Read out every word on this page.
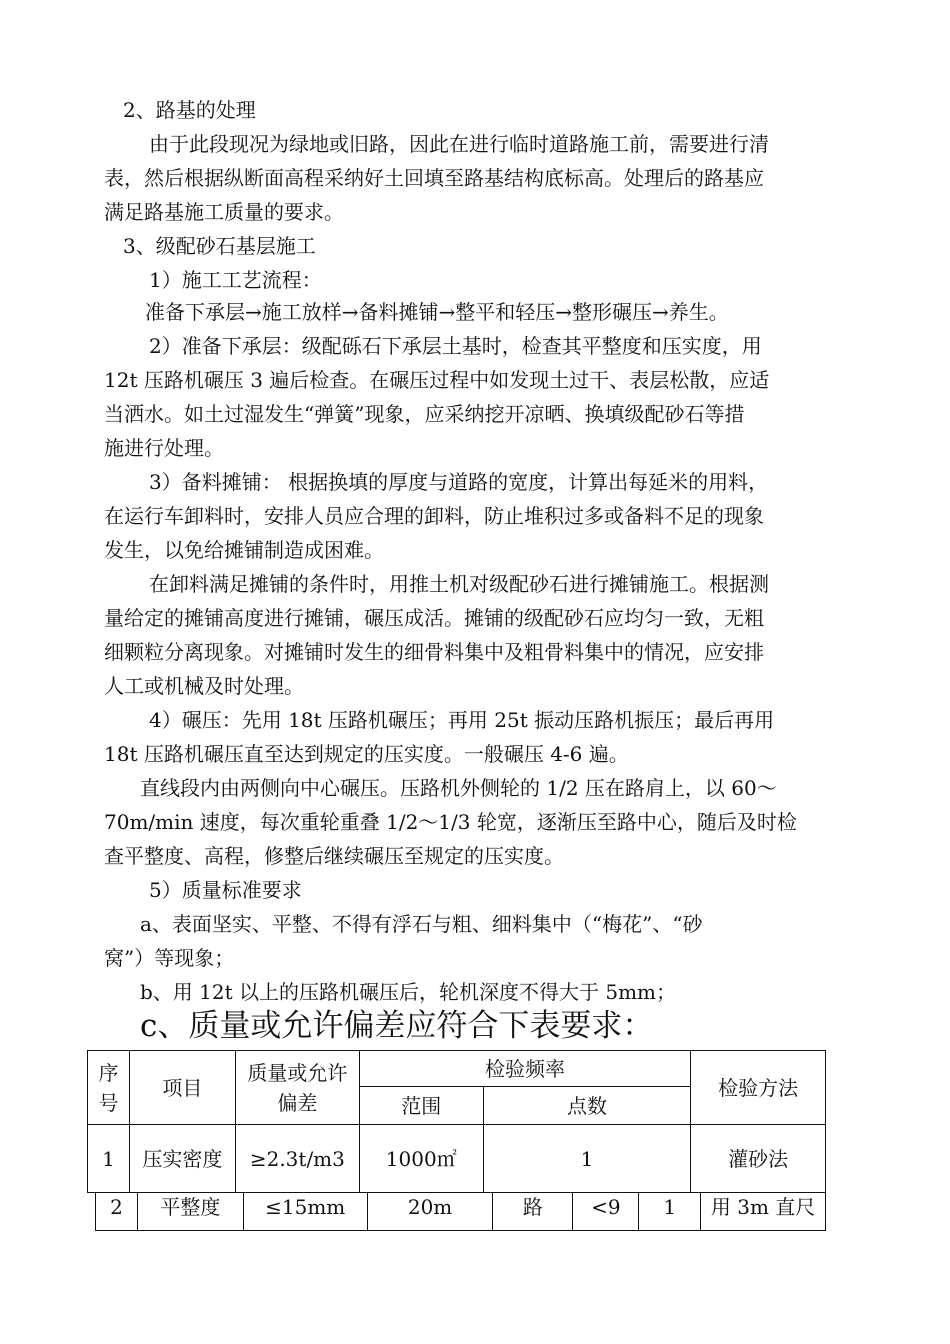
2、路基的处理
由于此段现况为绿地或旧路，因此在进行临时道路施工前，需要进行清
表，然后根据纵断面高程采纳好土回填至路基结构底标高。处理后的路基应
满足路基施工质量的要求。
3、级配砂石基层施工
1）施工工艺流程：
准备下承层→施工放样→备料摊铺→整平和轻压→整形碾压→养生。
2）准备下承层：级配砾石下承层土基时，检查其平整度和压实度，用
12t 压路机碾压 3 遍后检查。在碾压过程中如发现土过干、表层松散，应适
当洒水。如土过湿发生“弹簧”现象，应采纳挖开凉晒、换填级配砂石等措
施进行处理。
3）备料摊铺： 根据换填的厚度与道路的宽度，计算出每延米的用料，
在运行车卸料时，安排人员应合理的卸料，防止堆积过多或备料不足的现象
发生，以免给摊铺制造成困难。
在卸料满足摊铺的条件时，用推土机对级配砂石进行摊铺施工。根据测
量给定的摊铺高度进行摊铺，碾压成活。摊铺的级配砂石应均匀一致，无粗
细颗粒分离现象。对摊铺时发生的细骨料集中及粗骨料集中的情况，应安排
人工或机械及时处理。
4）碾压：先用 18t 压路机碾压；再用 25t 振动压路机振压；最后再用
18t 压路机碾压直至达到规定的压实度。一般碾压 4-6 遍。
直线段内由两侧向中心碾压。压路机外侧轮的 1/2 压在路肩上，以 60～
70m/min 速度，每次重轮重叠 1/2～1/3 轮宽，逐渐压至路中心，随后及时检
查平整度、高程，修整后继续碾压至规定的压实度。
5）质量标准要求
a、表面坚实、平整、不得有浮石与粗、细料集中（“梅花”、“砂
窝”）等现象；
b、用 12t 以上的压路机碾压后，轮机深度不得大于 5mm；
c、质量或允许偏差应符合下表要求：
序号	项目	质量或允许偏差	检验频率		检验方法
			范围	点数	
1	压实密度	≥2.3t/m3	1000㎡	1	灌砂法
2	平整度	≤15mm	20m	路	<9	1	用 3m 直尺
